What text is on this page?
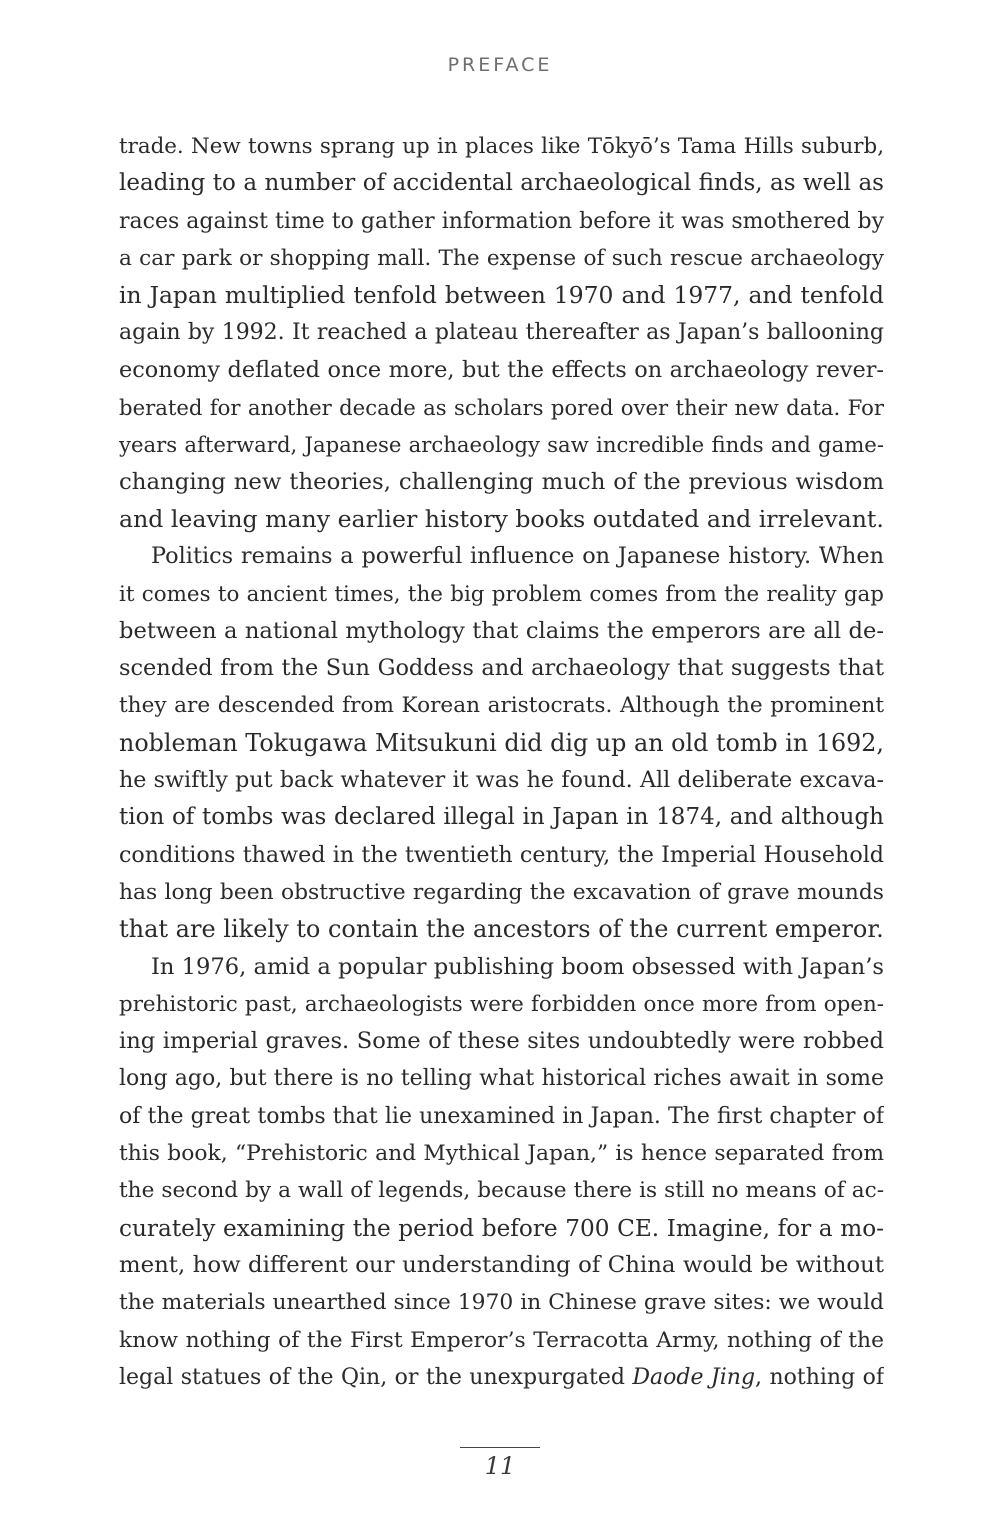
PREFACE
trade. New towns sprang up in places like Tōkyō’s Tama Hills suburb,
leading to a number of accidental archaeological finds, as well as
races against time to gather information before it was smothered by
a car park or shopping mall. The expense of such rescue archaeology
in Japan multiplied tenfold between 1970 and 1977, and tenfold
again by 1992. It reached a plateau thereafter as Japan’s ballooning
economy deflated once more, but the effects on archaeology rever-
berated for another decade as scholars pored over their new data. For
years afterward, Japanese archaeology saw incredible finds and game-
changing new theories, challenging much of the previous wisdom
and leaving many earlier history books outdated and irrelevant.
Politics remains a powerful influence on Japanese history. When
it comes to ancient times, the big problem comes from the reality gap
between a national mythology that claims the emperors are all de-
scended from the Sun Goddess and archaeology that suggests that
they are descended from Korean aristocrats. Although the prominent
nobleman Tokugawa Mitsukuni did dig up an old tomb in 1692,
he swiftly put back whatever it was he found. All deliberate excava-
tion of tombs was declared illegal in Japan in 1874, and although
conditions thawed in the twentieth century, the Imperial Household
has long been obstructive regarding the excavation of grave mounds
that are likely to contain the ancestors of the current emperor.
In 1976, amid a popular publishing boom obsessed with Japan’s
prehistoric past, archaeologists were forbidden once more from open-
ing imperial graves. Some of these sites undoubtedly were robbed
long ago, but there is no telling what historical riches await in some
of the great tombs that lie unexamined in Japan. The first chapter of
this book, “Prehistoric and Mythical Japan,” is hence separated from
the second by a wall of legends, because there is still no means of ac-
curately examining the period before 700 CE. Imagine, for a mo-
ment, how different our understanding of China would be without
the materials unearthed since 1970 in Chinese grave sites: we would
know nothing of the First Emperor’s Terracotta Army, nothing of the
legal statues of the Qin, or the unexpurgated Daode Jing, nothing of
11
